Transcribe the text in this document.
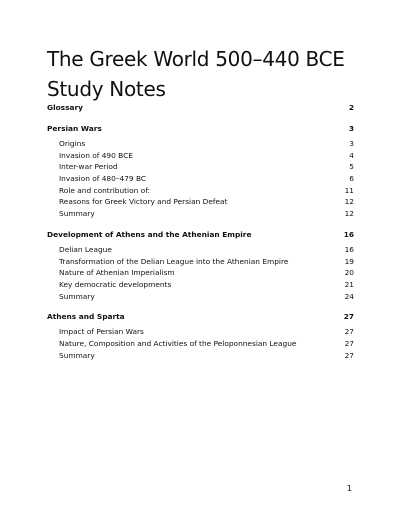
The Greek World 500–440 BCE Study Notes
Glossary	2
Persian Wars	3
Origins	3
Invasion of 490 BCE	4
Inter-war Period	5
Invasion of 480–479 BC	6
Role and contribution of:	11
Reasons for Greek Victory and Persian Defeat	12
Summary	12
Development of Athens and the Athenian Empire	16
Delian League	16
Transformation of the Delian League into the Athenian Empire	19
Nature of Athenian Imperialism	20
Key democratic developments	21
Summary	24
Athens and Sparta	27
Impact of Persian Wars	27
Nature, Composition and Activities of the Peloponnesian League	27
Summary	27
1
